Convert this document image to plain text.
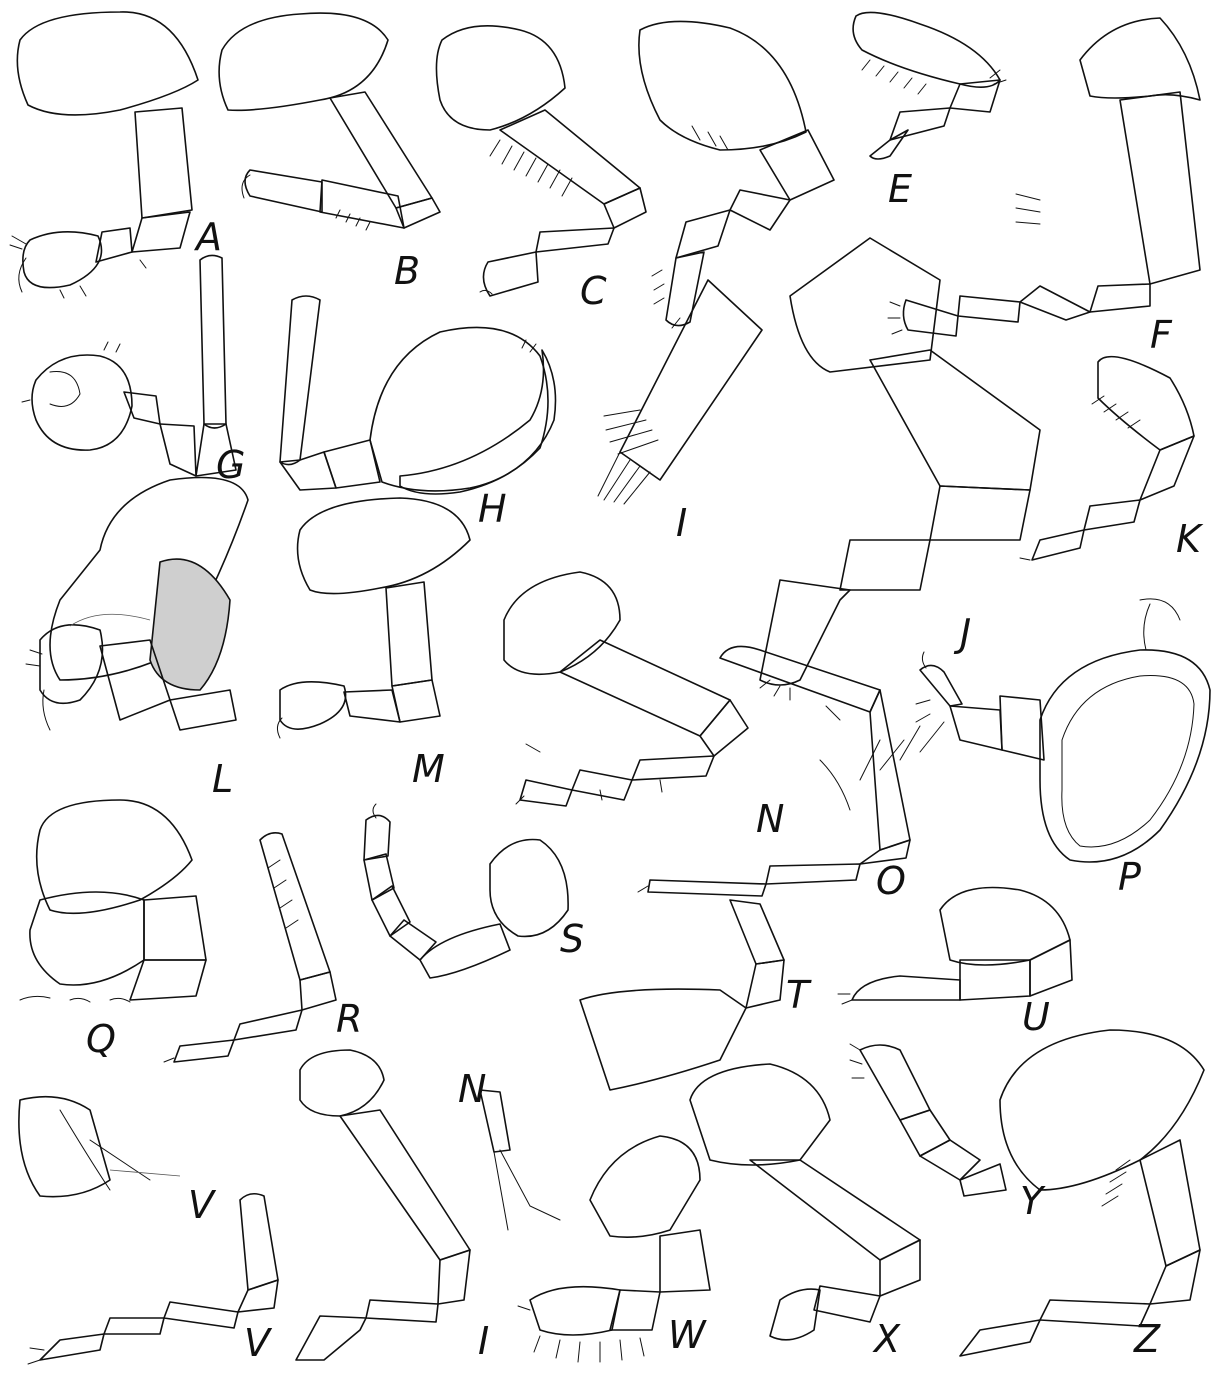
A
B	C
E
F
G
H	I
J
K
L	M
N
O	P
Q	R
S
T	U
V
N
W	X
Y
Z
V	I
